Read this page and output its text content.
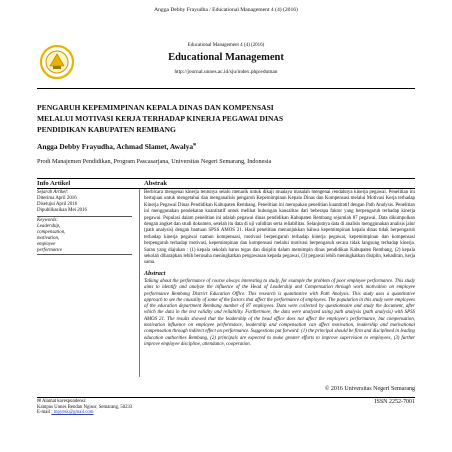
Angga Debby Frayudha / Educational Management 4 (4) (2016)
Educational Management 4 (4) (2016)
Educational Management
http://journal.unnes.ac.id/sju/index.php/eduman
PENGARUH KEPEMIMPINAN KEPALA DINAS DAN KOMPENSASI
MELALUI MOTIVASI KERJA TERHADAP KINERJA PEGAWAI DINAS
PENDIDIKAN KABUPATEN REMBANG
Angga Debby Frayudha, Achmad Slamet, Awalya✉
Prodi Manajemen Pendidikan, Program Pascasarjana, Universitas Negeri Semarang, Indonesia
Info Artikel	Abstrak
Sejarah Artikel:
Diterima April 2016
Disetujui April 2016
Dipublikasikan Mei 2016
Keywords:
Leadership,
compensation,
motivation,
employee
performance
Berbicara mengenai kinerja tentunya selalu menarik untuk dikaji mualaya masalah mengenai rendahnya kinerja pegawai. Penelitian ini bertujuan untuk mengetahui dan menganalisis pengaruh Kepemimpinan Kepala Dinas dan Kompensasi melalui Motivasi Kerja terhadap Kinerja Pegawai Dinas Pendidikan Kabupaten Rembang. Penelitian ini merupakan penelitian kuantitatif dengan Path Analysis. Penelitian ini menggunakan pendekatan kuantitatif untuk melihat hubungan kausalitas dari beberapa faktor yang berpengaruh terhadap kinerja pegawai. Populasi dalam penelitian ini adalah pegawai dinas pendidikan Kabupaten Rembang sejumlah 87 pegawai. Data dikumpulkan dengan angket dan studi dokumen, setelah itu data di uji validitas serta reliabilitas. Selanjutnya data di analisis menggunakan analisis jalur (path analysis) dengan bantuan SPSS AMOS 21. Hasil penelitian menunjukkan bahwa kepemimpinan kepala dinas tidak berpengaruh terhadap kinerja pegawai namun kompensasi, motivasi berpengaruh terhadap kinerja pegawai, kepemimpinan dan kompensasi berpengaruh terhadap motivasi, kepemimpinan dan kompensasi melalui motivasi berpengaruh secara tidak langsung terhadap kinerja. Saran yang diajukan : (1) kepala sekolah harus tegas dan disiplin dalam memimpin dinas pendidikan Kabupaten Rembang, (2) kepala sekolah diharapkan lebih berusaha meningkatkan pengawasan kepada pegawai, (3) pegawai lebih meningkatkan disiplin, kehadiran, kerja sama.
Abstract
Talking about the performance of course always interesting to study, for example the problem of poor employee performance. This study aims to identify and analyze the influence of the Head of Leadership and Compensation through work motivation on employee performance Rembang District Education Office. This research is quantitative with Path Analysis. This study uses a quantitative approach to see the causality of some of the factors that affect the performance of employees. The population in this study were employees of the education department Rembang number of 87 employees. Data were collected by questionnaire and study the document, after which the data in the test validity and reliability. Furthermore, the data were analyzed using path analysis (path analysis) with SPSS AMOS 21. The results showed that the leadership of the head office does not affect the employee's performance, but compensation, motivation influence on employee performance, leadership and compensation can affect motivation, leadership and motivational compensation through indirect effect on performance. Suggestions put forward: (1) the principal should be firm and disciplined in leading education authorities Rembang, (2) principals are expected to make greater efforts to improve supervision to employees, (3) further improve employee discipline, attendance, cooperation.
© 2016 Universitas Negeri Semarang
✉ Alamat korespondensi:
Kampus Unnes Bendan Ngisor, Semarang, 50233
E-mail : mpyesk@gmail.com
ISSN 2252-7001
